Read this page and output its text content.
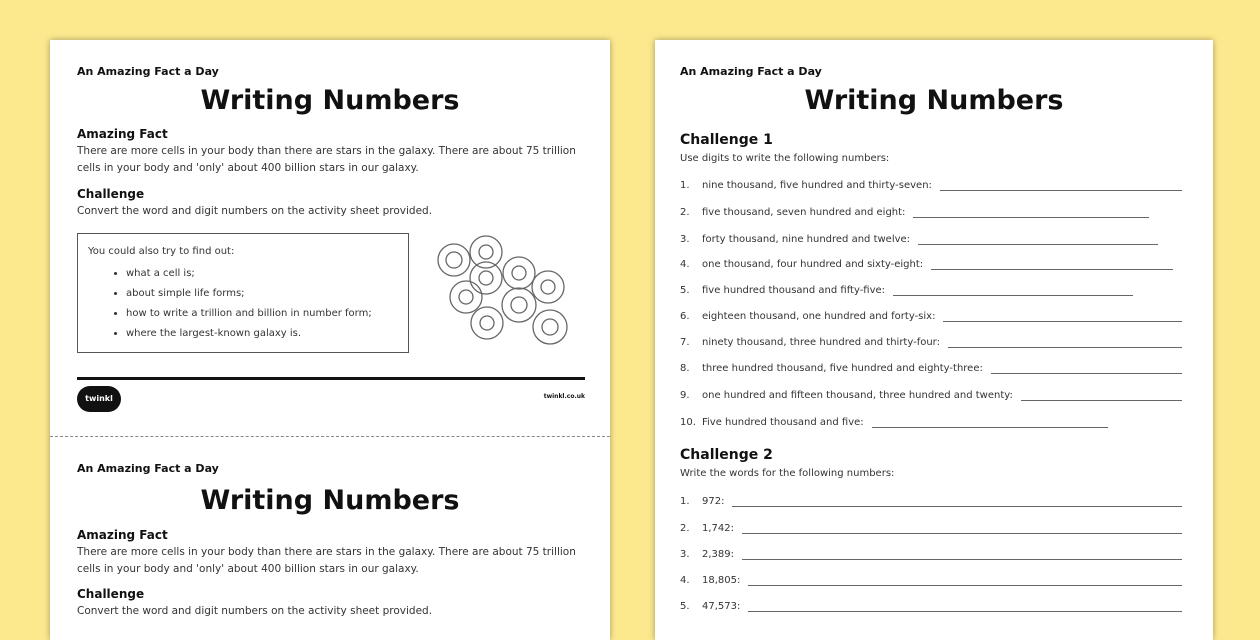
An Amazing Fact a Day
Writing Numbers
Amazing Fact
There are more cells in your body than there are stars in the galaxy. There are about 75 trillion
cells in your body and 'only' about 400 billion stars in our galaxy.
Challenge
Convert the word and digit numbers on the activity sheet provided.
You could also try to find out:
• what a cell is;
• about simple life forms;
• how to write a trillion and billion in number form;
• where the largest-known galaxy is.
twinkl	twinkl.co.uk
An Amazing Fact a Day
Writing Numbers
Amazing Fact
There are more cells in your body than there are stars in the galaxy. There are about 75 trillion
cells in your body and 'only' about 400 billion stars in our galaxy.
Challenge
Convert the word and digit numbers on the activity sheet provided.
An Amazing Fact a Day
Writing Numbers
Challenge 1
Use digits to write the following numbers:
Challenge 2
Write the words for the following numbers:
1.	nine thousand, five hundred and thirty-seven:
2.	five thousand, seven hundred and eight:
3.	forty thousand, nine hundred and twelve:
4.	one thousand, four hundred and sixty-eight:
5.	five hundred thousand and fifty-five:
6.	eighteen thousand, one hundred and forty-six:
7.	ninety thousand, three hundred and thirty-four:
8.	three hundred thousand, five hundred and eighty-three:
9.	one hundred and fifteen thousand, three hundred and twenty:
10. Five hundred thousand and five:
1.	972:
2.	1,742:
3.	2,389:
4.	18,805:
5.	47,573:
